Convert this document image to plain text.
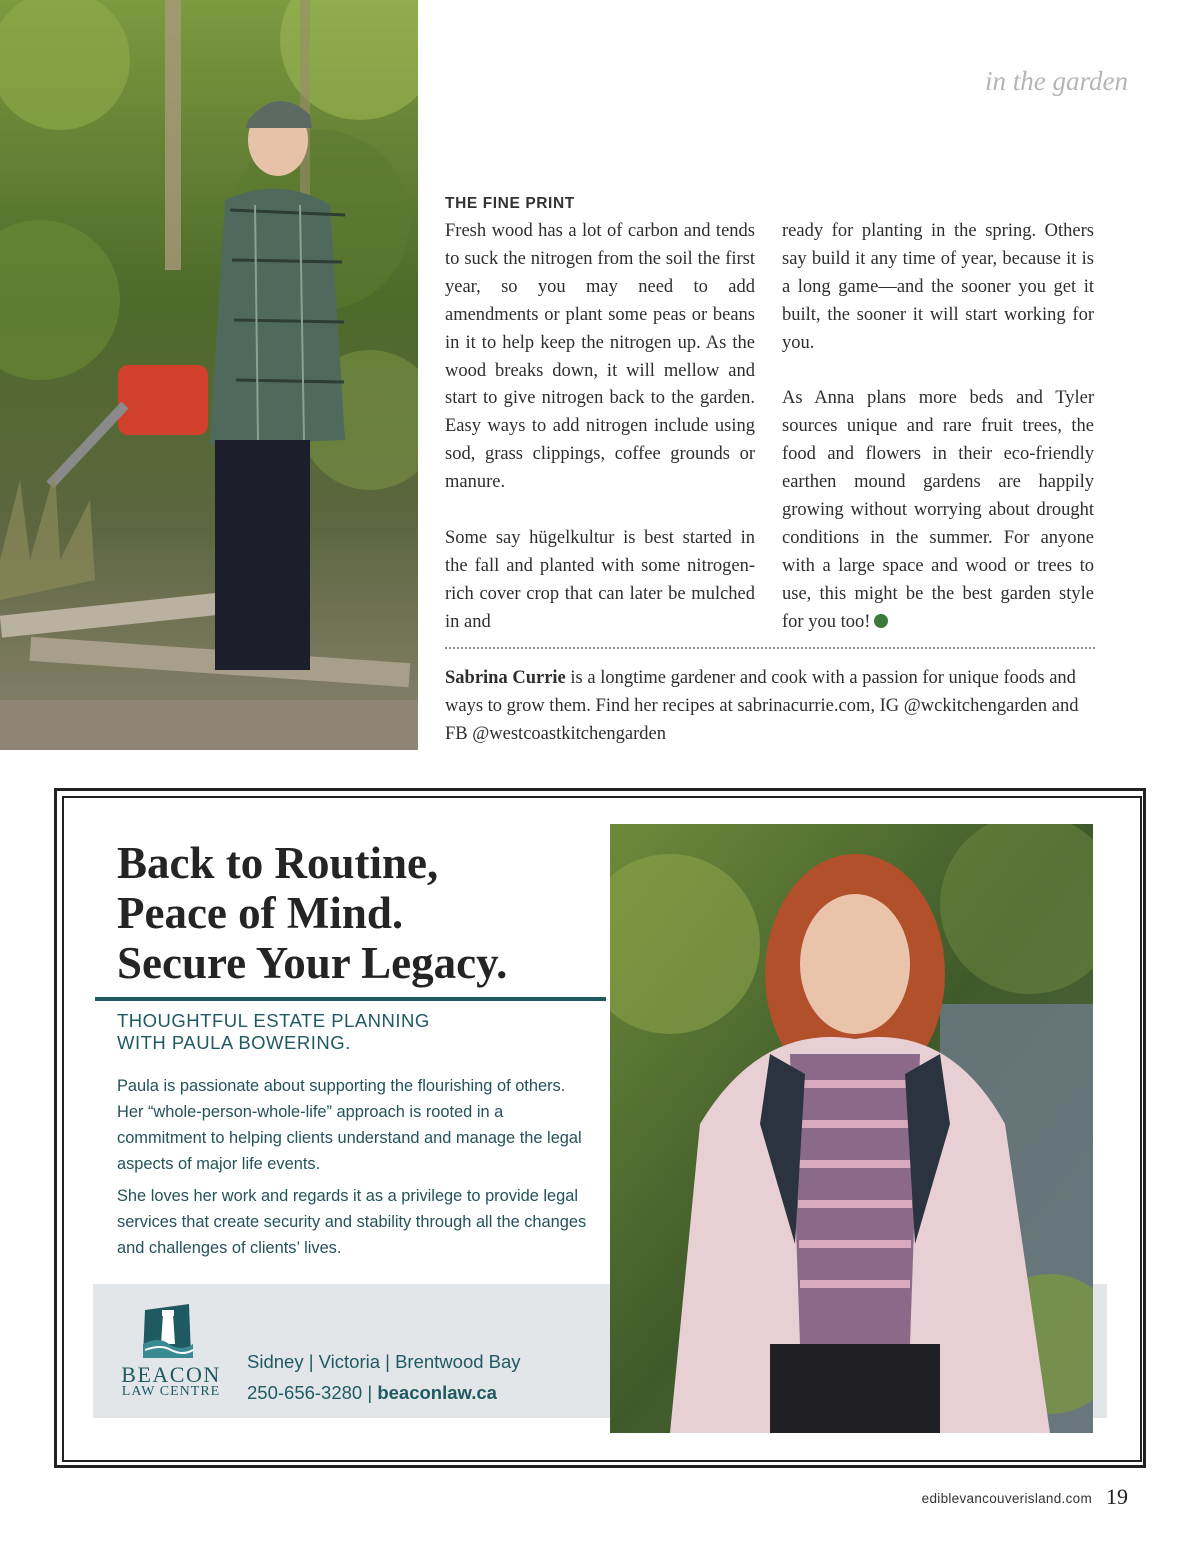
in the garden
THE FINE PRINT

Fresh wood has a lot of carbon and tends to suck the nitrogen from the soil the first year, so you may need to add amendments or plant some peas or beans in it to help keep the nitrogen up. As the wood breaks down, it will mellow and start to give nitrogen back to the garden. Easy ways to add nitrogen include using sod, grass clippings, coffee grounds or manure.

Some say hügelkultur is best started in the fall and planted with some nitrogen-rich cover crop that can later be mulched in and

ready for planting in the spring. Others say build it any time of year, because it is a long game—and the sooner you get it built, the sooner it will start working for you.

As Anna plans more beds and Tyler sources unique and rare fruit trees, the food and flowers in their eco-friendly earthen mound gardens are happily growing without worrying about drought conditions in the summer. For anyone with a large space and wood or trees to use, this might be the best garden style for you too!

Sabrina Currie is a longtime gardener and cook with a passion for unique foods and ways to grow them. Find her recipes at sabrinacurrie.com, IG @wckitchengarden and FB @westcoastkitchengarden
Back to Routine,
Peace of Mind.
Secure Your Legacy.
THOUGHTFUL ESTATE PLANNING
WITH PAULA BOWERING.

Paula is passionate about supporting the flourishing of others. Her “whole-person-whole-life” approach is rooted in a commitment to helping clients understand and manage the legal aspects of major life events.

She loves her work and regards it as a privilege to provide legal services that create security and stability through all the changes and challenges of clients’ lives.

BEACON
LAW CENTRE
Sidney | Victoria | Brentwood Bay
250-656-3280 | beaconlaw.ca
ediblevancouverisland.com 19
